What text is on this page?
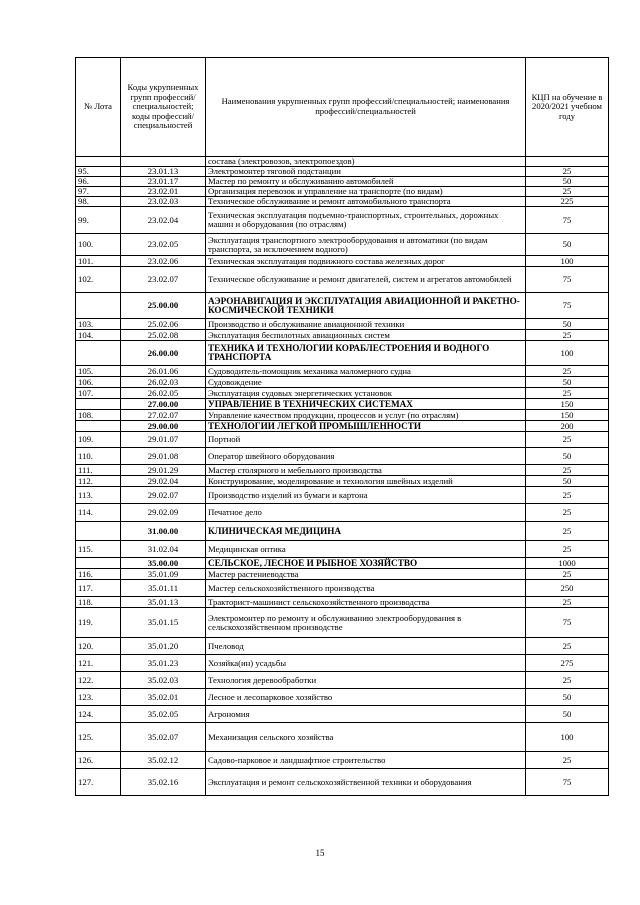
№ Лота	Коды укрупненных групп профессий/ специальностей; коды профессий/ специальностей	Наименования укрупненных групп профессий/специальностей; наименования профессий/специальностей	КЦП на обучение в 2020/2021 учебном году
		состава (электровозов, электропоездов)	
95.	23.01.13	Электромонтер тяговой подстанции	25
96.	23.01.17	Мастер по ремонту и обслуживанию автомобилей	50
97.	23.02.01	Организация перевозок и управление на транспорте (по видам)	25
98.	23.02.03	Техническое обслуживание и ремонт автомобильного транспорта	225
99.	23.02.04	Техническая эксплуатация подъемно-транспортных, строительных, дорожных машин и оборудования (по отраслям)	75
100.	23.02.05	Эксплуатация транспортного электрооборудования и автоматики (по видам транспорта, за исключением водного)	50
101.	23.02.06	Техническая эксплуатация подвижного состава железных дорог	100
102.	23.02.07	Техническое обслуживание и ремонт двигателей, систем и агрегатов автомобилей	75
	25.00.00	АЭРОНАВИГАЦИЯ И ЭКСПЛУАТАЦИЯ АВИАЦИОННОЙ И РАКЕТНО-КОСМИЧЕСКОЙ ТЕХНИКИ	75
103.	25.02.06	Производство и обслуживание авиационной техники	50
104.	25.02.08	Эксплуатация беспилотных авиационных систем	25
	26.00.00	ТЕХНИКА И ТЕХНОЛОГИИ КОРАБЛЕСТРОЕНИЯ И ВОДНОГО ТРАНСПОРТА	100
105.	26.01.06	Судоводитель-помощник механика маломерного судна	25
106.	26.02.03	Судовождение	50
107.	26.02.05	Эксплуатация судовых энергетических установок	25
	27.00.00	УПРАВЛЕНИЕ В ТЕХНИЧЕСКИХ СИСТЕМАХ	150
108.	27.02.07	Управление качеством продукции, процессов и услуг (по отраслям)	150
	29.00.00	ТЕХНОЛОГИИ ЛЕГКОЙ ПРОМЫШЛЕННОСТИ	200
109.	29.01.07	Портной	25
110.	29.01.08	Оператор швейного оборудования	50
111.	29.01.29	Мастер столярного и мебельного производства	25
112.	29.02.04	Конструирование, моделирование и технология швейных изделий	50
113.	29.02.07	Производство изделий из бумаги и картона	25
114.	29.02.09	Печатное дело	25
	31.00.00	КЛИНИЧЕСКАЯ МЕДИЦИНА	25
115.	31.02.04	Медицинская оптика	25
	35.00.00	СЕЛЬСКОЕ, ЛЕСНОЕ И РЫБНОЕ ХОЗЯЙСТВО	1000
116.	35.01.09	Мастер растениеводства	25
117.	35.01.11	Мастер сельскохозяйственного производства	250
118.	35.01.13	Тракторист-машинист сельскохозяйственного производства	25
119.	35.01.15	Электромонтер по ремонту и обслуживанию электрооборудования в сельскохозяйственном производстве	75
120.	35.01.20	Пчеловод	25
121.	35.01.23	Хозяйка(ин) усадьбы	275
122.	35.02.03	Технология деревообработки	25
123.	35.02.01	Лесное и лесопарковое хозяйство	50
124.	35.02.05	Агрономия	50
125.	35.02.07	Механизация сельского хозяйства	100
126.	35.02.12	Садово-парковое и ландшафтное строительство	25
127.	35.02.16	Эксплуатация и ремонт сельскохозяйственной техники и оборудования	75
15
